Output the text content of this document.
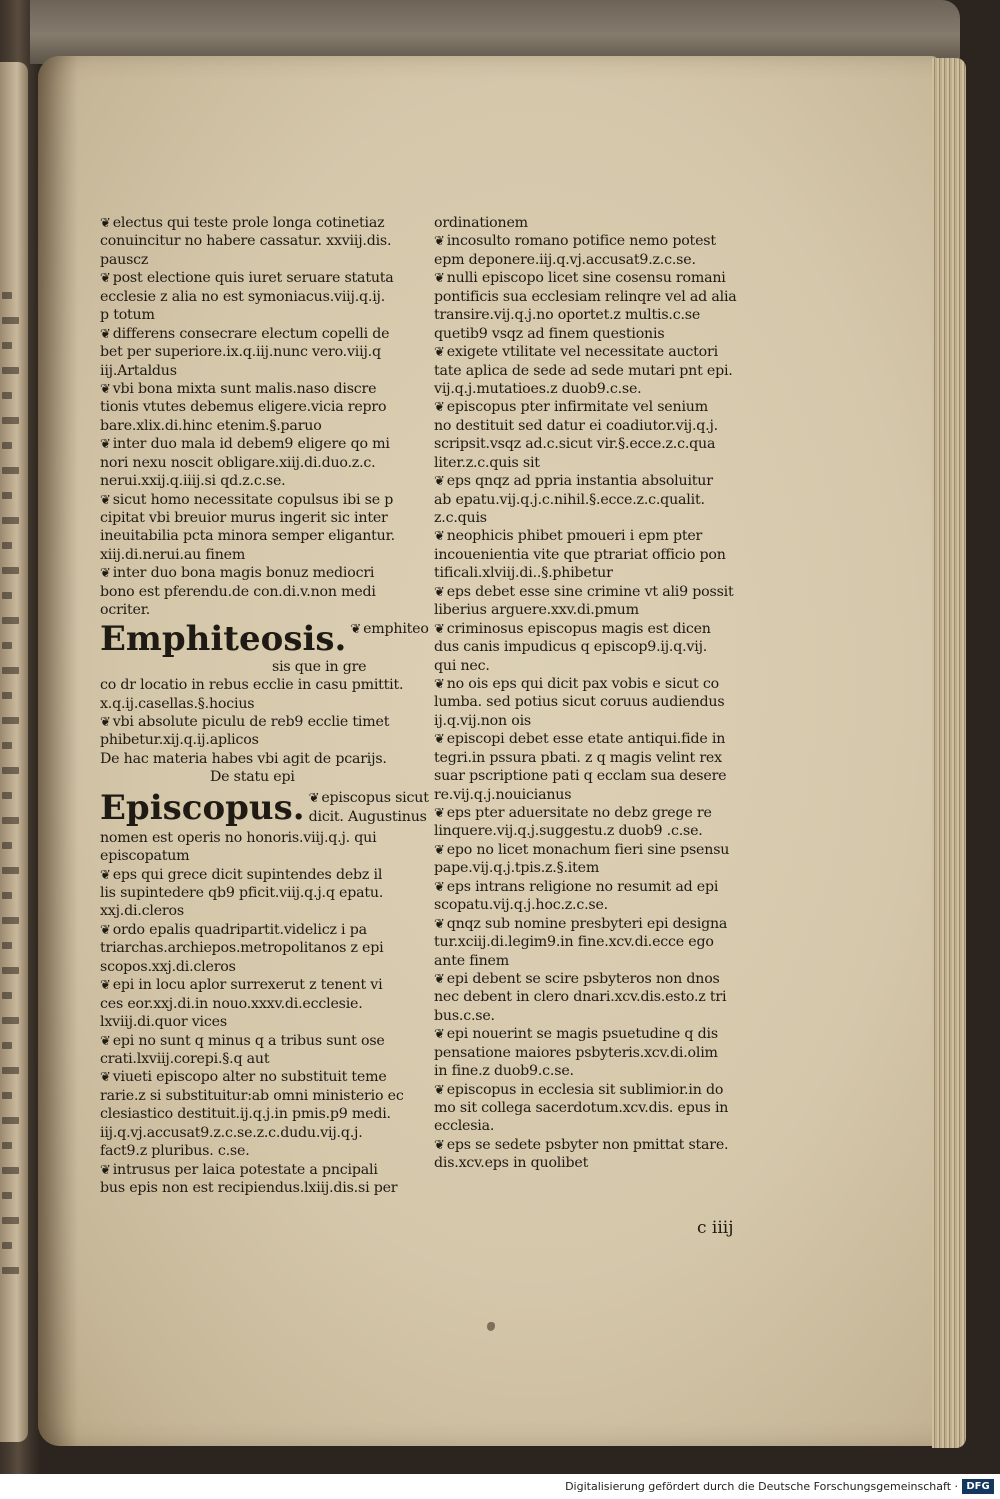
❦ electus qui teste prole longa cotinetiaz
conuincitur no habere cassatur. xxviij.dis.
pauscz
❦ post electione quis iuret seruare statuta
ecclesie z alia no est symoniacus.viij.q.ij.
p totum
❦ differens consecrare electum copelli de
bet per superiore.ix.q.iij.nunc vero.viij.q
iij.Artaldus
❦ vbi bona mixta sunt malis.naso discre
tionis vtutes debemus eligere.vicia repro
bare.xlix.di.hinc etenim.§.paruo
❦ inter duo mala id debem9 eligere qo mi
nori nexu noscit obligare.xiij.di.duo.z.c.
nerui.xxij.q.iiij.si qd.z.c.se.
❦ sicut homo necessitate copulsus ibi se p
cipitat vbi breuior murus ingerit sic inter
ineuitabilia pcta minora semper eligantur.
xiij.di.nerui.au finem
❦ inter duo bona magis bonuz mediocri
bono est pferendu.de con.di.v.non medi
ocriter.
Emphiteosis. ❦ emphiteo
sis que in gre
co dr locatio in rebus ecclie in casu pmittit.
x.q.ij.casellas.§.hocius
❦ vbi absolute piculu de reb9 ecclie timet
phibetur.xij.q.ij.aplicos
De hac materia habes vbi agit de pcarijs.
De statu epi
Episcopus. ❦ episcopus sicut
dicit. Augustinus
nomen est operis no honoris.viij.q.j. qui
episcopatum
❦ eps qui grece dicit supintendes debz il
lis supintedere qb9 pficit.viij.q.j.q epatu.
xxj.di.cleros
❦ ordo epalis quadripartit.videlicz i pa
triarchas.archiepos.metropolitanos z epi
scopos.xxj.di.cleros
❦ epi in locu aplor surrexerut z tenent vi
ces eor.xxj.di.in nouo.xxxv.di.ecclesie.
lxviij.di.quor vices
❦ epi no sunt q minus q a tribus sunt ose
crati.lxviij.corepi.§.q aut
❦ viueti episcopo alter no substituit teme
rarie.z si substituitur:ab omni ministerio ec
clesiastico destituit.ij.q.j.in pmis.p9 medi.
iij.q.vj.accusat9.z.c.se.z.c.dudu.vij.q.j.
fact9.z pluribus. c.se.
❦ intrusus per laica potestate a pncipali
bus epis non est recipiendus.lxiij.dis.si per
ordinationem
❦ incosulto romano potifice nemo potest
epm deponere.iij.q.vj.accusat9.z.c.se.
❦ nulli episcopo licet sine cosensu romani
pontificis sua ecclesiam relinqre vel ad alia
transire.vij.q.j.no oportet.z multis.c.se
quetib9 vsqz ad finem questionis
❦ exigete vtilitate vel necessitate auctori
tate aplica de sede ad sede mutari pnt epi.
vij.q.j.mutatioes.z duob9.c.se.
❦ episcopus pter infirmitate vel senium
no destituit sed datur ei coadiutor.vij.q.j.
scripsit.vsqz ad.c.sicut vir.§.ecce.z.c.qua
liter.z.c.quis sit
❦ eps qnqz ad ppria instantia absoluitur
ab epatu.vij.q.j.c.nihil.§.ecce.z.c.qualit.
z.c.quis
❦ neophicis phibet pmoueri i epm pter
incouenientia vite que ptrariat officio pon
tificali.xlviij.di..§.phibetur
❦ eps debet esse sine crimine vt ali9 possit
liberius arguere.xxv.di.pmum
❦ criminosus episcopus magis est dicen
dus canis impudicus q episcop9.ij.q.vij.
qui nec.
❦ no ois eps qui dicit pax vobis e sicut co
lumba. sed potius sicut coruus audiendus
ij.q.vij.non ois
❦ episcopi debet esse etate antiqui.fide in
tegri.in pssura pbati. z q magis velint rex
suar pscriptione pati q ecclam sua desere
re.vij.q.j.nouicianus
❦ eps pter aduersitate no debz grege re
linquere.vij.q.j.suggestu.z duob9 .c.se.
❦ epo no licet monachum fieri sine psensu
pape.vij.q.j.tpis.z.§.item
❦ eps intrans religione no resumit ad epi
scopatu.vij.q.j.hoc.z.c.se.
❦ qnqz sub nomine presbyteri epi designa
tur.xciij.di.legim9.in fine.xcv.di.ecce ego
ante finem
❦ epi debent se scire psbyteros non dnos
nec debent in clero dnari.xcv.dis.esto.z tri
bus.c.se.
❦ epi nouerint se magis psuetudine q dis
pensatione maiores psbyteris.xcv.di.olim
in fine.z duob9.c.se.
❦ episcopus in ecclesia sit sublimior.in do
mo sit collega sacerdotum.xcv.dis. epus in
ecclesia.
❦ eps se sedete psbyter non pmittat stare.
dis.xcv.eps in quolibet
c iiij
Digitalisierung gefördert durch die Deutsche Forschungsgemeinschaft · DFG
